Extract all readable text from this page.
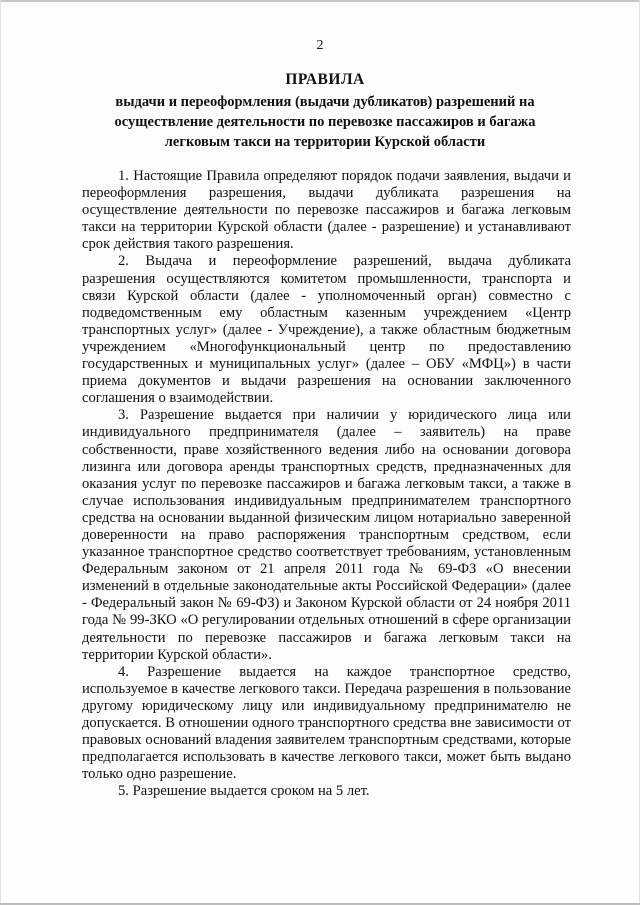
2
ПРАВИЛА
выдачи и переоформления (выдачи дубликатов) разрешений на осуществление деятельности по перевозке пассажиров и багажа легковым такси на территории Курской области

1. Настоящие Правила определяют порядок подачи заявления, выдачи и переоформления разрешения, выдачи дубликата разрешения на осуществление деятельности по перевозке пассажиров и багажа легковым такси на территории Курской области (далее - разрешение) и устанавливают срок действия такого разрешения.

2. Выдача и переоформление разрешений, выдача дубликата разрешения осуществляются комитетом промышленности, транспорта и связи Курской области (далее - уполномоченный орган) совместно с подведомственным ему областным казенным учреждением «Центр транспортных услуг» (далее - Учреждение), а также областным бюджетным учреждением «Многофункциональный центр по предоставлению государственных и муниципальных услуг» (далее – ОБУ «МФЦ») в части приема документов и выдачи разрешения на основании заключенного соглашения о взаимодействии.

3. Разрешение выдается при наличии у юридического лица или индивидуального предпринимателя (далее – заявитель) на праве собственности, праве хозяйственного ведения либо на основании договора лизинга или договора аренды транспортных средств, предназначенных для оказания услуг по перевозке пассажиров и багажа легковым такси, а также в случае использования индивидуальным предпринимателем транспортного средства на основании выданной физическим лицом нотариально заверенной доверенности на право распоряжения транспортным средством, если указанное транспортное средство соответствует требованиям, установленным Федеральным законом от 21 апреля 2011 года № 69-ФЗ «О внесении изменений в отдельные законодательные акты Российской Федерации» (далее - Федеральный закон № 69-ФЗ) и Законом Курской области от 24 ноября 2011 года № 99-ЗКО «О регулировании отдельных отношений в сфере организации деятельности по перевозке пассажиров и багажа легковым такси на территории Курской области».

4. Разрешение выдается на каждое транспортное средство, используемое в качестве легкового такси. Передача разрешения в пользование другому юридическому лицу или индивидуальному предпринимателю не допускается. В отношении одного транспортного средства вне зависимости от правовых оснований владения заявителем транспортным средствами, которые предполагается использовать в качестве легкового такси, может быть выдано только одно разрешение.

5. Разрешение выдается сроком на 5 лет.
